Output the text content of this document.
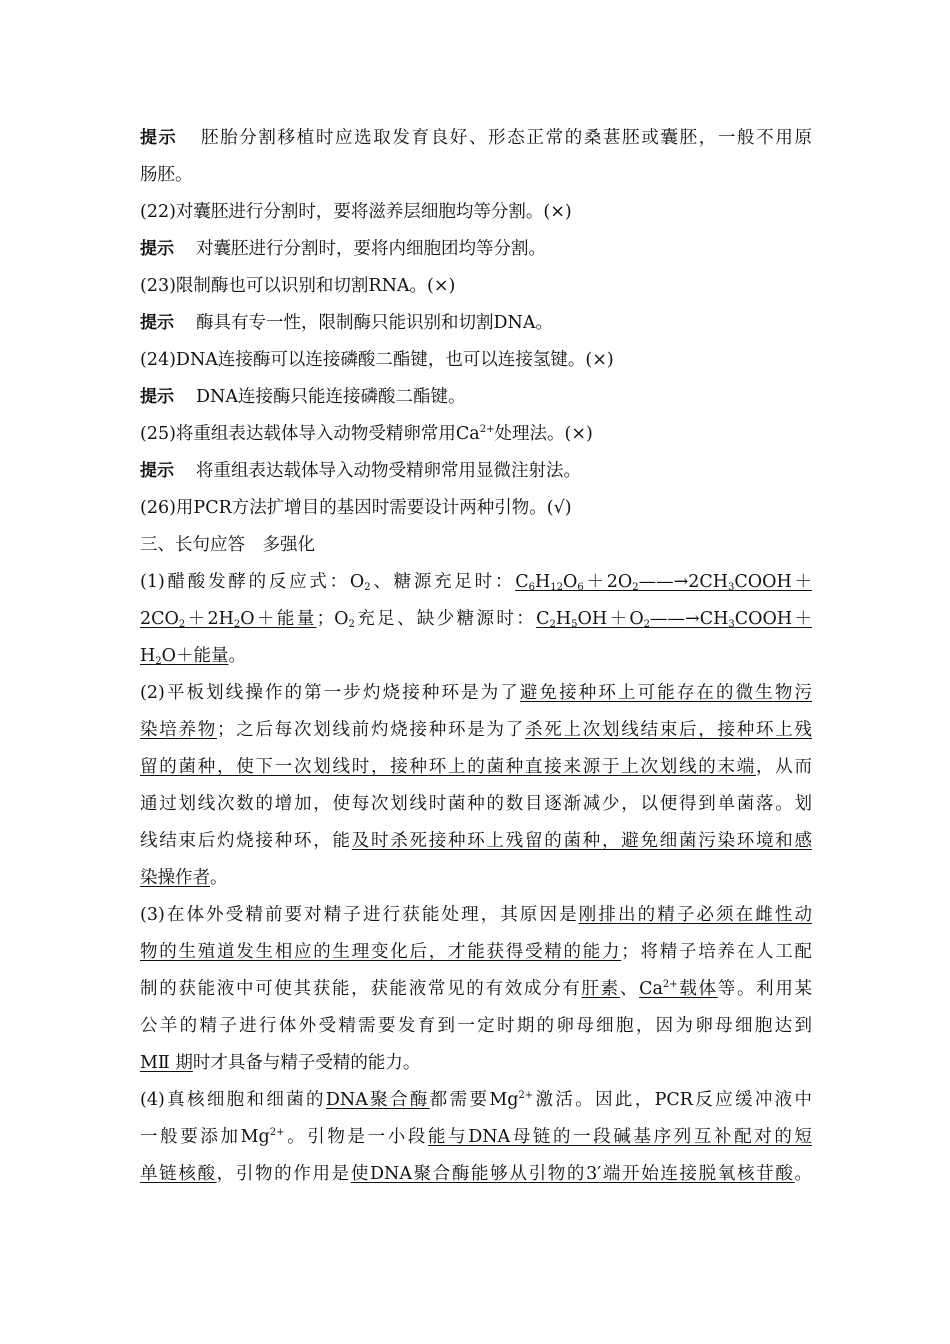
提示 胚胎分割移植时应选取发育良好、形态正常的桑葚胚或囊胚，一般不用原
肠胚。
(22)对囊胚进行分割时，要将滋养层细胞均等分割。(×)
提示 对囊胚进行分割时，要将内细胞团均等分割。
(23)限制酶也可以识别和切割RNA。(×)
提示 酶具有专一性，限制酶只能识别和切割DNA。
(24)DNA连接酶可以连接磷酸二酯键，也可以连接氢键。(×)
提示 DNA连接酶只能连接磷酸二酯键。
(25)将重组表达载体导入动物受精卵常用$Ca^{2+}$处理法。(×)
提示 将重组表达载体导入动物受精卵常用显微注射法。
(26)用PCR方法扩增目的基因时需要设计两种引物。(√)
三、长句应答　多强化
(1)醋酸发酵的反应式：$O_2$、糖源充足时：$C_6H_{12}O_6+2O_2——\to 2CH_3COOH+$
$2CO_2+2H_2O+$能量；$O_2$充足、缺少糖源时：$C_2H_5OH+O_2——\to CH_3COOH+$
$H_2O+$能量。
(2)平板划线操作的第一步灼烧接种环是为了避免接种环上可能存在的微生物污
染培养物；之后每次划线前灼烧接种环是为了杀死上次划线结束后，接种环上残
留的菌种，使下一次划线时，接种环上的菌种直接来源于上次划线的末端，从而
通过划线次数的增加，使每次划线时菌种的数目逐渐减少，以便得到单菌落。划
线结束后灼烧接种环，能及时杀死接种环上残留的菌种，避免细菌污染环境和感
染操作者。
(3)在体外受精前要对精子进行获能处理，其原因是刚排出的精子必须在雌性动
物的生殖道发生相应的生理变化后，才能获得受精的能力；将精子培养在人工配
制的获能液中可使其获能，获能液常见的有效成分有肝素、$Ca^{2+}$载体等。利用某
公羊的精子进行体外受精需要发育到一定时期的卵母细胞，因为卵母细胞达到
MⅡ 期时才具备与精子受精的能力。
(4)真核细胞和细菌的DNA聚合酶都需要$Mg^{2+}$激活。因此，PCR反应缓冲液中
一般要添加$Mg^{2+}$。引物是一小段能与DNA母链的一段碱基序列互补配对的短
单链核酸，引物的作用是使DNA聚合酶能够从引物的3′端开始连接脱氧核苷酸。
